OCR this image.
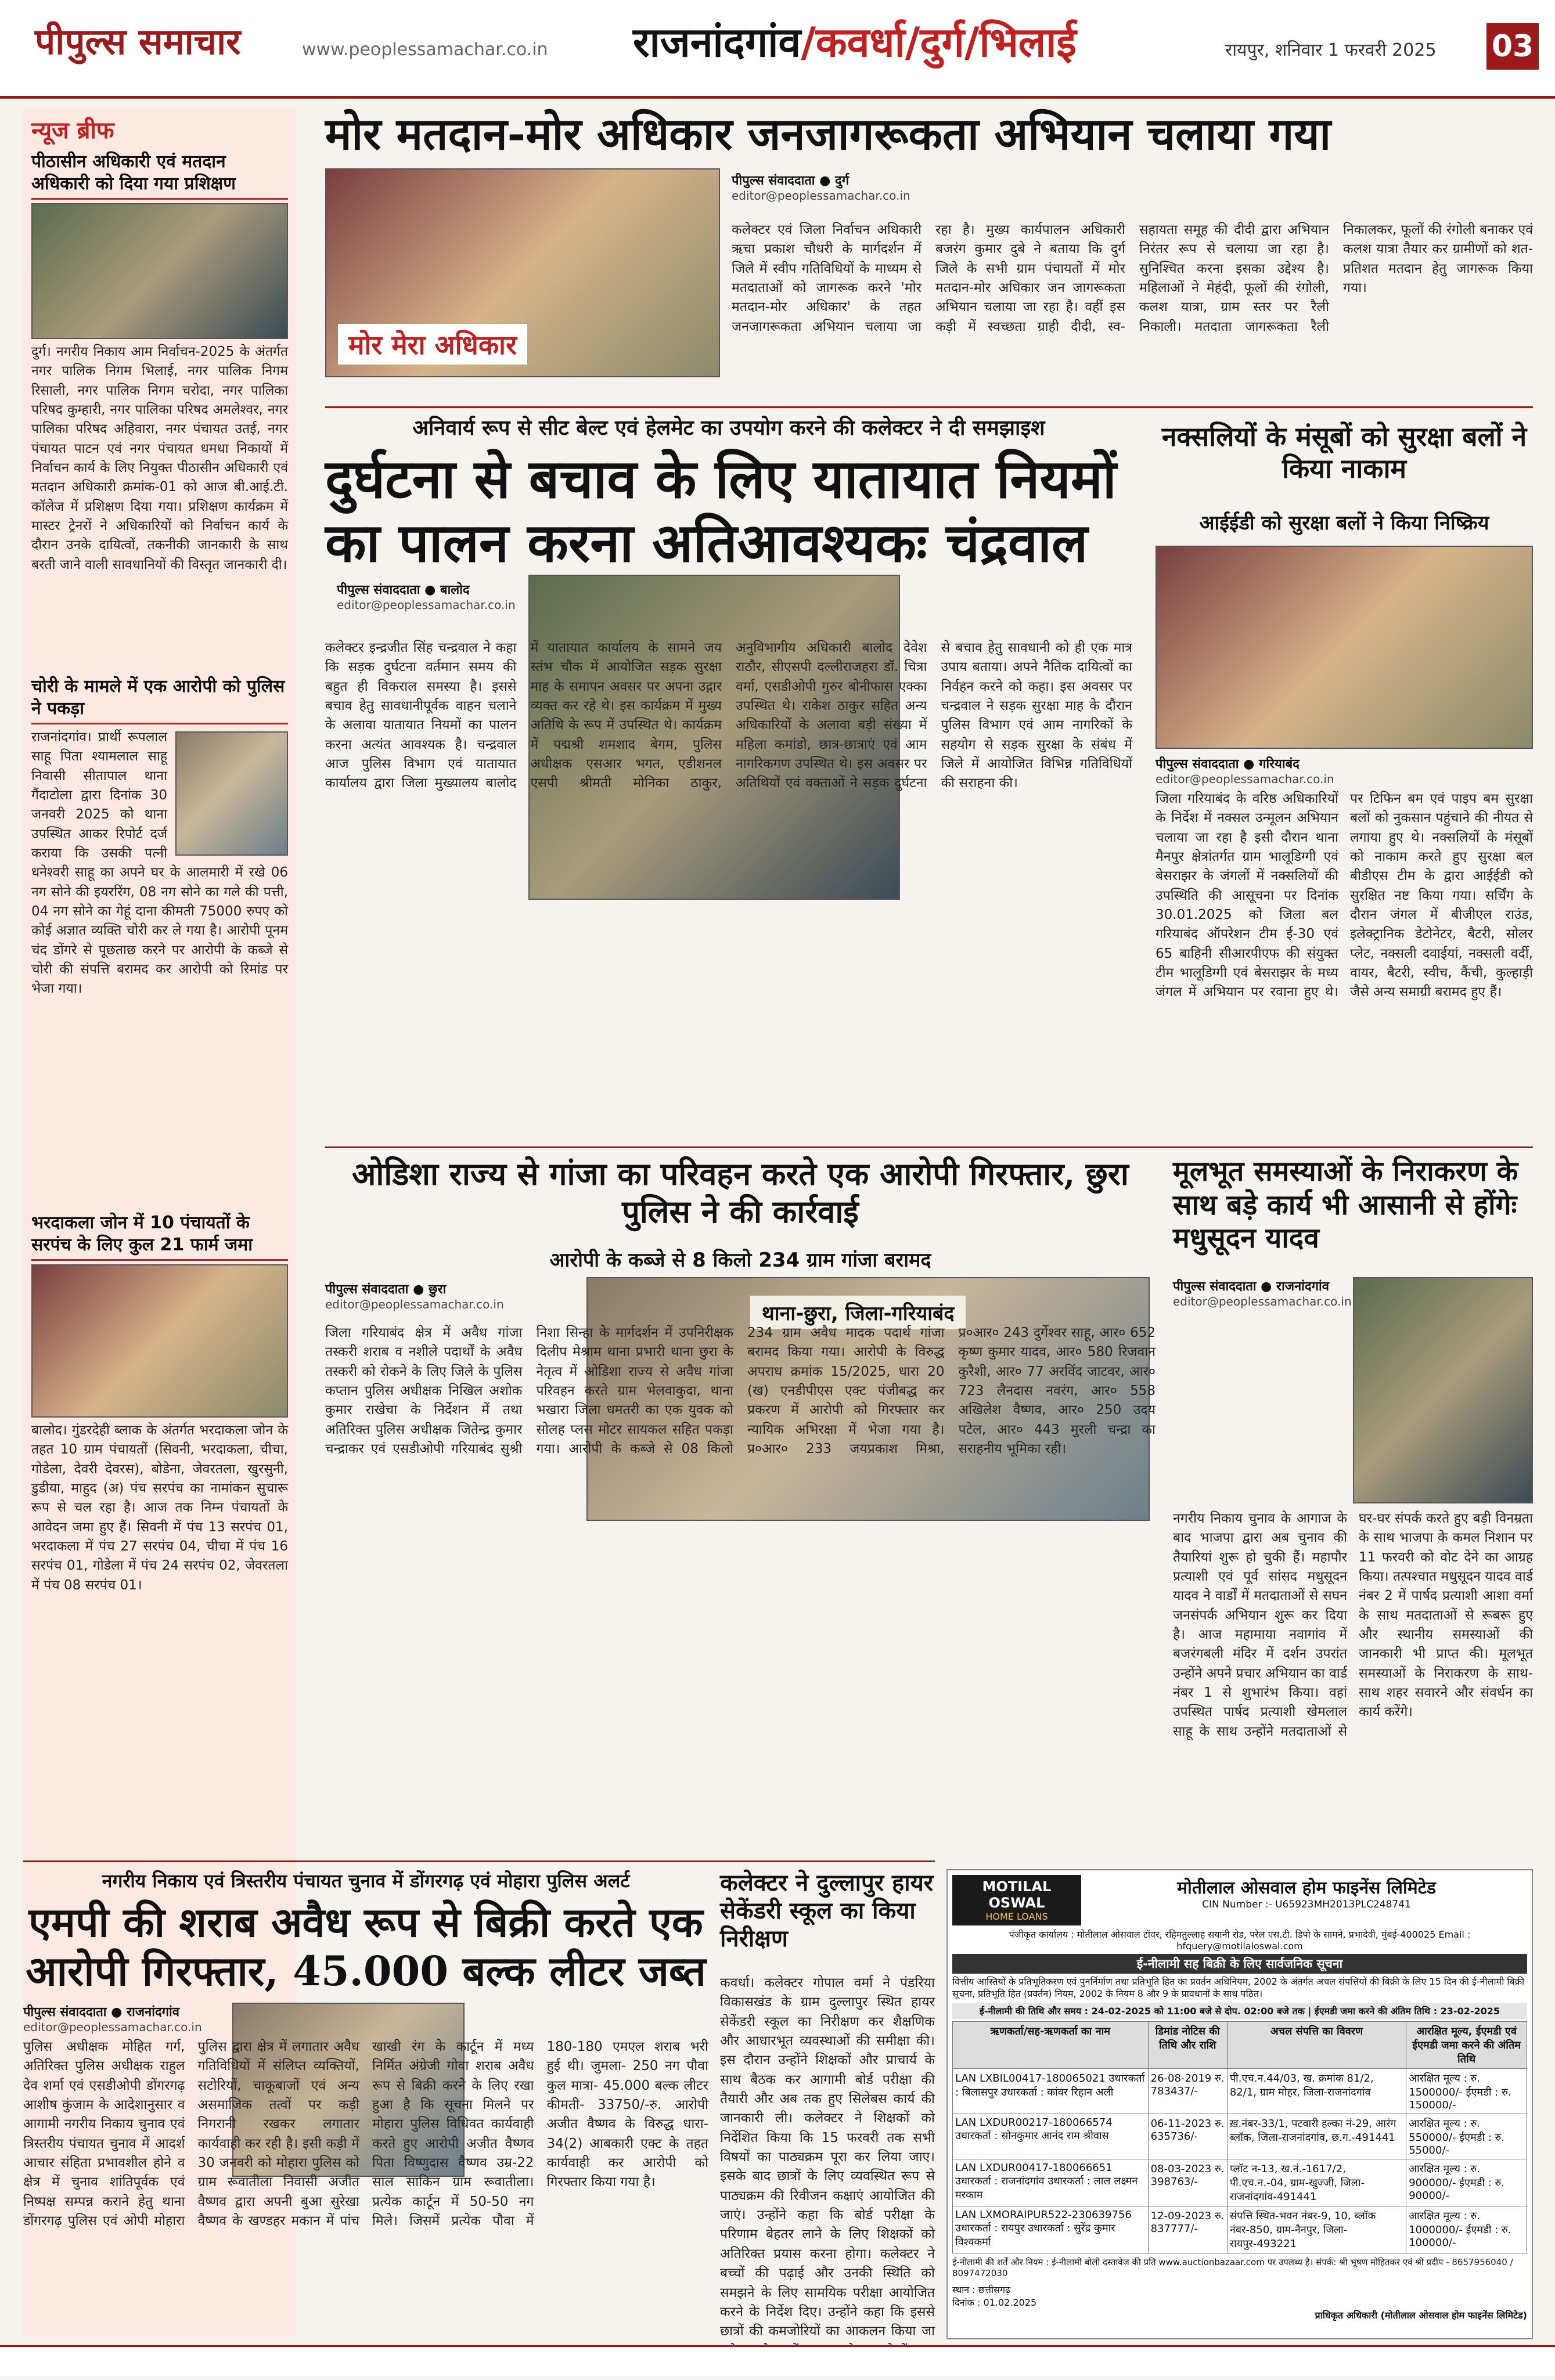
पीपुल्स समाचार	www.peoplessamachar.co.in राजनांदगांव/कवर्धा/दुर्ग/भिलाई	रायपुर, शनिवार 1 फरवरी 2025 03
न्यूज ब्रीफ
पीठासीन अधिकारी एवं मतदान अधिकारी को दिया गया प्रशिक्षण
दुर्ग। नगरीय निकाय आम निर्वाचन-2025 के अंतर्गत नगर पालिक निगम भिलाई, नगर पालिक निगम रिसाली, नगर पालिक निगम चरोदा, नगर पालिका परिषद कुम्हारी, नगर पालिका परिषद अमलेश्वर, नगर पालिका परिषद अहिवारा, नगर पंचायत उतई, नगर पंचायत पाटन एवं नगर पंचायत धमधा निकायों में निर्वाचन कार्य के लिए नियुक्त पीठासीन अधिकारी एवं मतदान अधिकारी क्रमांक-01 को आज बी.आई.टी. कॉलेज में प्रशिक्षण दिया गया। प्रशिक्षण कार्यक्रम में मास्टर ट्रेनरों ने अधिकारियों को निर्वाचन कार्य के दौरान उनके दायित्वों, तकनीकी जानकारी के साथ बरती जाने वाली सावधानियों की विस्तृत जानकारी दी।
चोरी के मामले में एक आरोपी को पुलिस ने पकड़ा
राजनांदगांव। प्रार्थी रूपलाल साहू पिता श्यामलाल साहू निवासी सीतापाल थाना गैंदाटोला द्वारा दिनांक 30 जनवरी 2025 को थाना उपस्थित आकर रिपोर्ट दर्ज कराया कि उसकी पत्नी धनेश्वरी साहू का अपने घर के आलमारी में रखे 06 नग सोने की इयररिंग, 08 नग सोने का गले की पत्ती, 04 नग सोने का गेहूं दाना कीमती 75000 रुपए को कोई अज्ञात व्यक्ति चोरी कर ले गया है। आरोपी पूनम चंद डोंगरे से पूछताछ करने पर आरोपी के कब्जे से चोरी की संपत्ति बरामद कर आरोपी को रिमांड पर भेजा गया।
भरदाकला जोन में 10 पंचायतों के सरपंच के लिए कुल 21 फार्म जमा
बालोद। गुंडरदेही ब्लाक के अंतर्गत भरदाकला जोन के तहत 10 ग्राम पंचायतों (सिवनी, भरदाकला, चीचा, गोडेला, देवरी देवरस), बोडेना, जेवरतला, खुरसुनी, डुडीया, माहुद (अ) पंच सरपंच का नामांकन सुचारू रूप से चल रहा है। आज तक निम्न पंचायतों के आवेदन जमा हुए हैं। सिवनी में पंच 13 सरपंच 01, भरदाकला में पंच 27 सरपंच 04, चीचा में पंच 16 सरपंच 01, गोडेला में पंच 24 सरपंच 02, जेवरतला में पंच 08 सरपंच 01।
मोर मतदान-मोर अधिकार जनजागरूकता अभियान चलाया गया
मोर मेरा अधिकार
पीपुल्स संवाददाता ● दुर्ग
editor@peoplessamachar.co.in
कलेक्टर एवं जिला निर्वाचन अधिकारी ऋचा प्रकाश चौधरी के मार्गदर्शन में जिले में स्वीप गतिविधियों के माध्यम से मतदाताओं को जागरूक करने 'मोर मतदान-मोर अधिकार' के तहत जनजागरूकता अभियान चलाया जा रहा है। मुख्य कार्यपालन अधिकारी बजरंग कुमार दुबे ने बताया कि दुर्ग जिले के सभी ग्राम पंचायतों में मोर मतदान-मोर अधिकार जन जागरूकता अभियान चलाया जा रहा है। वहीं इस कड़ी में स्वच्छता ग्राही दीदी, स्व-सहायता समूह की दीदी द्वारा अभियान निरंतर रूप से चलाया जा रहा है। सुनिश्चित करना इसका उद्देश्य है। महिलाओं ने मेहंदी, फूलों की रंगोली, कलश यात्रा, ग्राम स्तर पर रैली निकाली। मतदाता जागरूकता रैली निकालकर, फूलों की रंगोली बनाकर एवं कलश यात्रा तैयार कर ग्रामीणों को शत-प्रतिशत मतदान हेतु जागरूक किया गया।
अनिवार्य रूप से सीट बेल्ट एवं हेलमेट का उपयोग करने की कलेक्टर ने दी समझाइश
दुर्घटना से बचाव के लिए यातायात नियमों का पालन करना अतिआवश्यकः चंद्रवाल
पीपुल्स संवाददाता ● बालोद
editor@peoplessamachar.co.in
कलेक्टर इन्द्रजीत सिंह चन्द्रवाल ने कहा कि सड़क दुर्घटना वर्तमान समय की बहुत ही विकराल समस्या है। इससे बचाव हेतु सावधानीपूर्वक वाहन चलाने के अलावा यातायात नियमों का पालन करना अत्यंत आवश्यक है। चन्द्रवाल आज पुलिस विभाग एवं यातायात कार्यालय द्वारा जिला मुख्यालय बालोद में यातायात कार्यालय के सामने जय स्तंभ चौक में आयोजित सड़क सुरक्षा माह के समापन अवसर पर अपना उद्गार व्यक्त कर रहे थे। इस कार्यक्रम में मुख्य अतिथि के रूप में उपस्थित थे। कार्यक्रम में पद्मश्री शमशाद बेगम, पुलिस अधीक्षक एसआर भगत, एडीशनल एसपी श्रीमती मोनिका ठाकुर, अनुविभागीय अधिकारी बालोद देवेश राठौर, सीएसपी दल्लीराजहरा डॉ. चित्रा वर्मा, एसडीओपी गुरुर बोनीफास एक्का उपस्थित थे। राकेश ठाकुर सहित अन्य अधिकारियों के अलावा बड़ी संख्या में महिला कमांडो, छात्र-छात्राएं एवं आम नागरिकगण उपस्थित थे। इस अवसर पर अतिथियों एवं वक्ताओं ने सड़क दुर्घटना से बचाव हेतु सावधानी को ही एक मात्र उपाय बताया। अपने नैतिक दायित्वों का निर्वहन करने को कहा। इस अवसर पर चन्द्रवाल ने सड़क सुरक्षा माह के दौरान पुलिस विभाग एवं आम नागरिकों के सहयोग से सड़क सुरक्षा के संबंध में जिले में आयोजित विभिन्न गतिविधियों की सराहना की।
नक्सलियों के मंसूबों को सुरक्षा बलों ने किया नाकाम
आईईडी को सुरक्षा बलों ने किया निष्क्रिय
पीपुल्स संवाददाता ● गरियाबंद
editor@peoplessamachar.co.in
जिला गरियाबंद के वरिष्ठ अधिकारियों के निर्देश में नक्सल उन्मूलन अभियान चलाया जा रहा है इसी दौरान थाना मैनपुर क्षेत्रांतर्गत ग्राम भालूडिग्गी एवं बेसराझर के जंगलों में नक्सलियों की उपस्थिति की आसूचना पर दिनांक 30.01.2025 को जिला बल गरियाबंद ऑपरेशन टीम ई-30 एवं 65 बाहिनी सीआरपीएफ की संयुक्त टीम भालूडिग्गी एवं बेसराझर के मध्य जंगल में अभियान पर रवाना हुए थे। पर टिफिन बम एवं पाइप बम सुरक्षा बलों को नुकसान पहुंचाने की नीयत से लगाया हुए थे। नक्सलियों के मंसूबों को नाकाम करते हुए सुरक्षा बल बीडीएस टीम के द्वारा आईईडी को सुरक्षित नष्ट किया गया। सर्चिंग के दौरान जंगल में बीजीएल राउंड, इलेक्ट्रानिक डेटोनेटर, बैटरी, सोलर प्लेट, नक्सली दवाईयां, नक्सली वर्दी, वायर, बैटरी, स्वीच, कैंची, कुल्हाड़ी जैसे अन्य समाग्री बरामद हुए हैं।
ओडिशा राज्य से गांजा का परिवहन करते एक आरोपी गिरफ्तार, छुरा पुलिस ने की कार्रवाई
आरोपी के कब्जे से 8 किलो 234 ग्राम गांजा बरामद
पीपुल्स संवाददाता ● छुरा
editor@peoplessamachar.co.in	थाना-छुरा, जिला-गरियाबंद
जिला गरियाबंद क्षेत्र में अवैध गांजा तस्करी शराब व नशीले पदार्थों के अवैध तस्करी को रोकने के लिए जिले के पुलिस कप्तान पुलिस अधीक्षक निखिल अशोक कुमार राखेचा के निर्देशन में तथा अतिरिक्त पुलिस अधीक्षक जितेन्द्र कुमार चन्द्राकर एवं एसडीओपी गरियाबंद सुश्री निशा सिन्हा के मार्गदर्शन में उपनिरीक्षक दिलीप मेश्राम थाना प्रभारी थाना छुरा के नेतृत्व में ओडिशा राज्य से अवैध गांजा परिवहन करते ग्राम भेलवाकुदा, थाना भखारा जिला धमतरी का एक युवक को सोलह प्लस मोटर सायकल सहित पकड़ा गया। आरोपी के कब्जे से 08 किलो 234 ग्राम अवैध मादक पदार्थ गांजा बरामद किया गया। आरोपी के विरुद्ध अपराध क्रमांक 15/2025, धारा 20 (ख) एनडीपीएस एक्ट पंजीबद्ध कर प्रकरण में आरोपी को गिरफ्तार कर न्यायिक अभिरक्षा में भेजा गया है। प्र०आर० 233 जयप्रकाश मिश्रा, प्र०आर० 243 दुर्गेश्वर साहू, आर० 652 कृष्ण कुमार यादव, आर० 580 रिजवान कुरैशी, आर० 77 अरविंद जाटवर, आर० 723 लैनदास नवरंग, आर० 558 अखिलेश वैष्णव, आर० 250 उदय पटेल, आर० 443 मुरली चन्द्रा का सराहनीय भूमिका रही।
मूलभूत समस्याओं के निराकरण के साथ बड़े कार्य भी आसानी से होंगेः मधुसूदन यादव
पीपुल्स संवाददाता ● राजनांदगांव
editor@peoplessamachar.co.in
नगरीय निकाय चुनाव के आगाज के बाद भाजपा द्वारा अब चुनाव की तैयारियां शुरू हो चुकी हैं। महापौर प्रत्याशी एवं पूर्व सांसद मधुसूदन यादव ने वार्डों में मतदाताओं से सघन जनसंपर्क अभियान शुरू कर दिया है। आज महामाया नवागांव में बजरंगबली मंदिर में दर्शन उपरांत उन्होंने अपने प्रचार अभियान का वार्ड नंबर 1 से शुभारंभ किया। वहां उपस्थित पार्षद प्रत्याशी खेमलाल साहू के साथ उन्होंने मतदाताओं से घर-घर संपर्क करते हुए बड़ी विनम्रता के साथ भाजपा के कमल निशान पर 11 फरवरी को वोट देने का आग्रह किया। तत्पश्चात मधुसूदन यादव वार्ड नंबर 2 में पार्षद प्रत्याशी आशा वर्मा के साथ मतदाताओं से रूबरू हुए और स्थानीय समस्याओं की जानकारी भी प्राप्त की। मूलभूत समस्याओं के निराकरण के साथ-साथ शहर सवारने और संवर्धन का कार्य करेंगे।
नगरीय निकाय एवं त्रिस्तरीय पंचायत चुनाव में डोंगरगढ़ एवं मोहारा पुलिस अलर्ट
एमपी की शराब अवैध रूप से बिक्री करते एक आरोपी गिरफ्तार, 45.000 बल्क लीटर जब्त
पीपुल्स संवाददाता ● राजनांदगांव
editor@peoplessamachar.co.in
पुलिस अधीक्षक मोहित गर्ग, अतिरिक्त पुलिस अधीक्षक राहुल देव शर्मा एवं एसडीओपी डोंगरगढ़ आशीष कुंजाम के आदेशानुसार व आगामी नगरीय निकाय चुनाव एवं त्रिस्तरीय पंचायत चुनाव में आदर्श आचार संहिता प्रभावशील होने व क्षेत्र में चुनाव शांतिपूर्वक एवं निष्पक्ष सम्पन्न कराने हेतु थाना डोंगरगढ़ पुलिस एवं ओपी मोहारा पुलिस द्वारा क्षेत्र में लगातार अवैध गतिविधियों में संलिप्त व्यक्तियों, सटोरियों, चाकूबाजों एवं अन्य असमाजिक तत्वों पर कड़ी निगरानी रखकर लगातार कार्यवाही कर रही है। इसी कड़ी में 30 जनवरी को मोहारा पुलिस को ग्राम रूवातीला निवासी अजीत वैष्णव द्वारा अपनी बुआ सुरेखा वैष्णव के खण्डहर मकान में पांच खाखी रंग के कार्टून में मध्य निर्मित अंग्रेजी गोवा शराब अवैध रूप से बिक्री करने के लिए रखा हुआ है कि सूचना मिलने पर मोहारा पुलिस विधिवत कार्यवाही करते हुए आरोपी अजीत वैष्णव पिता विष्णुदास वैष्णव उम्र-22 साल साकिन ग्राम रूवातीला। प्रत्येक कार्टून में 50-50 नग मिले। जिसमें प्रत्येक पौवा में 180-180 एमएल शराब भरी हुई थी। जुमला- 250 नग पौवा कुल मात्रा- 45.000 बल्क लीटर कीमती- 33750/-रु. आरोपी अजीत वैष्णव के विरुद्ध धारा- 34(2) आबकारी एक्ट के तहत कार्यवाही कर आरोपी को गिरफ्तार किया गया है।
कलेक्टर ने दुल्लापुर हायर सेकेंडरी स्कूल का किया निरीक्षण
कवर्धा। कलेक्टर गोपाल वर्मा ने पंडरिया विकासखंड के ग्राम दुल्लापुर स्थित हायर सेकेंडरी स्कूल का निरीक्षण कर शैक्षणिक और आधारभूत व्यवस्थाओं की समीक्षा की। इस दौरान उन्होंने शिक्षकों और प्राचार्य के साथ बैठक कर आगामी बोर्ड परीक्षा की तैयारी और अब तक हुए सिलेबस कार्य की जानकारी ली। कलेक्टर ने शिक्षकों को निर्देशित किया कि 15 फरवरी तक सभी विषयों का पाठ्यक्रम पूरा कर लिया जाए। इसके बाद छात्रों के लिए व्यवस्थित रूप से पाठ्यक्रम की रिवीजन कक्षाएं आयोजित की जाएं। उन्होंने कहा कि बोर्ड परीक्षा के परिणाम बेहतर लाने के लिए शिक्षकों को अतिरिक्त प्रयास करना होगा। कलेक्टर ने बच्चों की पढ़ाई और उनकी स्थिति को समझने के लिए सामयिक परीक्षा आयोजित करने के निर्देश दिए। उन्होंने कहा कि इससे छात्रों की कमजोरियों का आकलन किया जा
MOTILAL OSWAL
HOME LOANS
मोतीलाल ओसवाल होम फाइनेंस लिमिटेड
CIN Number :- U65923MH2013PLC248741
पंजीकृत कार्यालय : मोतीलाल ओसवाल टॉवर, रहिमतुल्लाह सयानी रोड, परेल एस.टी. डिपो के सामने, प्रभादेवी, मुंबई-400025 Email : hfquery@motilaloswal.com
ई-नीलामी सह बिक्री के लिए सार्वजनिक सूचना
वित्तीय आस्तियों के प्रतिभूतिकरण एवं पुनर्निर्माण तथा प्रतिभूति हित का प्रवर्तन अधिनियम, 2002 के अंतर्गत अचल संपत्तियों की बिक्री के लिए 15 दिन की ई-नीलामी बिक्री सूचना, प्रतिभूति हित (प्रवर्तन) नियम, 2002 के नियम 8 और 9 के प्रावधानों के साथ पठित।
ई-नीलामी की तिथि और समय : 24-02-2025 को 11:00 बजे से दोप. 02:00 बजे तक | ईएमडी जमा करने की अंतिम तिथि : 23-02-2025
ऋणकर्ता/सह-ऋणकर्ता का नाम	डिमांड नोटिस की तिथि और राशि	अचल संपत्ति का विवरण	आरक्षित मूल्य, ईएमडी एवं ईएमडी जमा करने की अंतिम तिथि
LAN LXBIL00417-180065021 उधारकर्ता : बिलासपुर उधारकर्ता : कांवर रिहान अली	26-08-2019 रु. 783437/-	पी.एच.न.44/03, ख. क्रमांक 81/2, 82/1, ग्राम मोहर, जिला-राजनांदगांव	आरक्षित मूल्य : रु. 1500000/- ईएमडी : रु. 150000/-
LAN LXDUR00217-180066574 उधारकर्ता : सोनकुमार आनंद राम श्रीवास	06-11-2023 रु. 635736/-	ख़.नंबर-33/1, पटवारी हल्का नं-29, आरंग ब्लॉक, जिला-राजनांदगांव, छ.ग.-491441	आरक्षित मूल्य : रु. 550000/- ईएमडी : रु. 55000/-
LAN LXDUR00417-180066651 उधारकर्ता : राजनांदगांव उधारकर्ता : लाल लक्ष्मन मरकाम	08-03-2023 रु. 398763/-	प्लॉट न-13, ख.नं.-1617/2, पी.एच.न.-04, ग्राम-खुज्जी, जिला-राजनांदगांव-491441	आरक्षित मूल्य : रु. 900000/- ईएमडी : रु. 90000/-
LAN LXMORAIPUR522-230639756 उधारकर्ता : रायपुर उधारकर्ता : सुरेंद्र कुमार विश्वकर्मा	12-09-2023 रु. 837777/-	संपत्ति स्थित-भवन नंबर-9, 10, ब्लॉक नंबर-850, ग्राम-नैनपुर, जिला-रायपुर-493221	आरक्षित मूल्य : रु. 1000000/- ईएमडी : रु. 100000/-
ई-नीलामी की शर्तें और नियम : ई-नीलामी बोली दस्तावेज की प्रति www.auctionbazaar.com पर उपलब्ध है। संपर्क: श्री भूषण मोहितकर एवं श्री प्रदीप - 8657956040 / 8097472030
स्थान : छत्तीसगढ़
दिनांक : 01.02.2025
प्राधिकृत अधिकारी (मोतीलाल ओसवाल होम फाइनेंस लिमिटेड)
